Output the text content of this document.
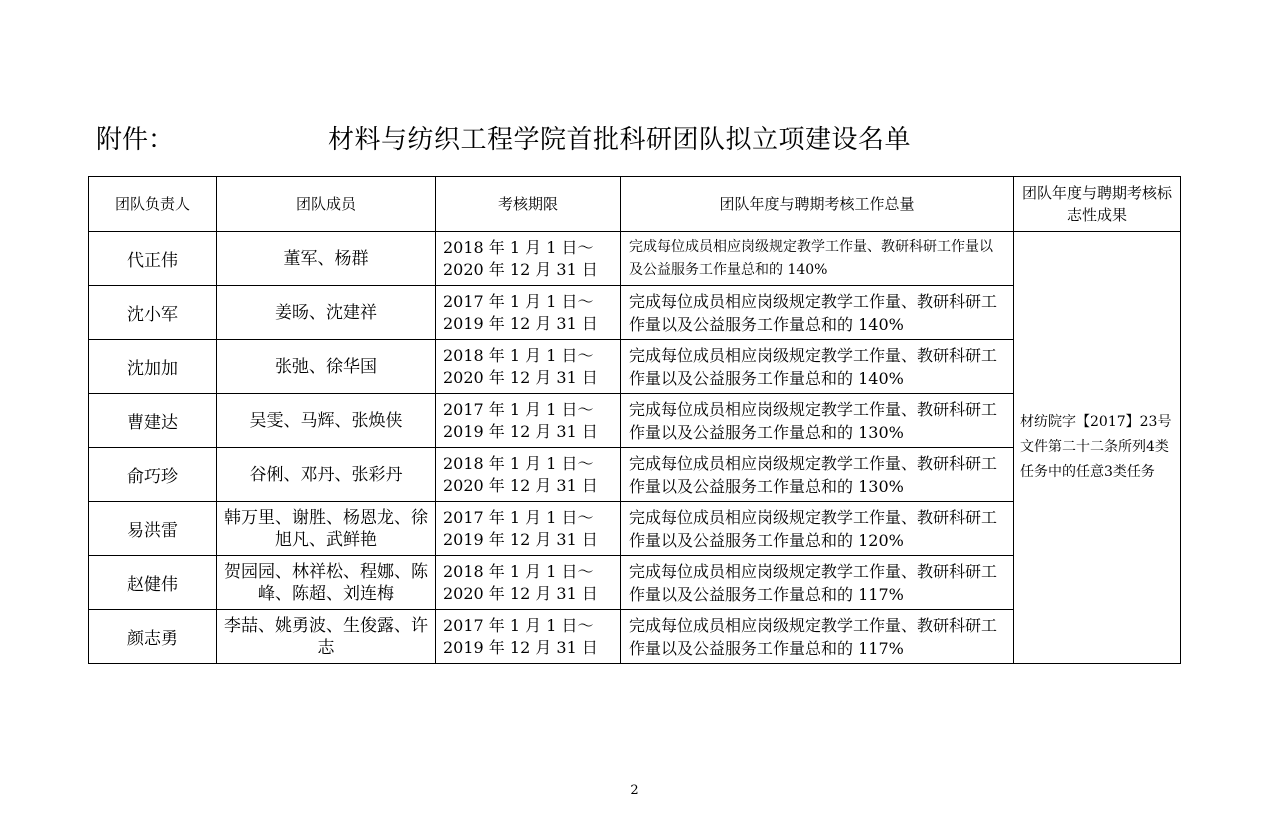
附件：	材料与纺织工程学院首批科研团队拟立项建设名单
团队负责人	团队成员	考核期限	团队年度与聘期考核工作总量	团队年度与聘期考核标志性成果
代正伟	董军、杨群	2018 年 1 月 1 日～
2020 年 12 月 31 日	完成每位成员相应岗级规定教学工作量、教研科研工作量以及公益服务工作量总和的 140%	材纺院字【2017】23号文件第二十二条所列4类任务中的任意3类任务
沈小军	姜旸、沈建祥	2017 年 1 月 1 日～
2019 年 12 月 31 日	完成每位成员相应岗级规定教学工作量、教研科研工作量以及公益服务工作量总和的 140%	
沈加加	张弛、徐华国	2018 年 1 月 1 日～
2020 年 12 月 31 日	完成每位成员相应岗级规定教学工作量、教研科研工作量以及公益服务工作量总和的 140%	
曹建达	吴雯、马辉、张焕侠	2017 年 1 月 1 日～
2019 年 12 月 31 日	完成每位成员相应岗级规定教学工作量、教研科研工作量以及公益服务工作量总和的 130%	
俞巧珍	谷俐、邓丹、张彩丹	2018 年 1 月 1 日～
2020 年 12 月 31 日	完成每位成员相应岗级规定教学工作量、教研科研工作量以及公益服务工作量总和的 130%	
易洪雷	韩万里、谢胜、杨恩龙、徐旭凡、武鲜艳	2017 年 1 月 1 日～
2019 年 12 月 31 日	完成每位成员相应岗级规定教学工作量、教研科研工作量以及公益服务工作量总和的 120%	
赵健伟	贺园园、林祥松、程娜、陈峰、陈超、刘连梅	2018 年 1 月 1 日～
2020 年 12 月 31 日	完成每位成员相应岗级规定教学工作量、教研科研工作量以及公益服务工作量总和的 117%	
颜志勇	李喆、姚勇波、生俊露、许志	2017 年 1 月 1 日～
2019 年 12 月 31 日	完成每位成员相应岗级规定教学工作量、教研科研工作量以及公益服务工作量总和的 117%	
2
